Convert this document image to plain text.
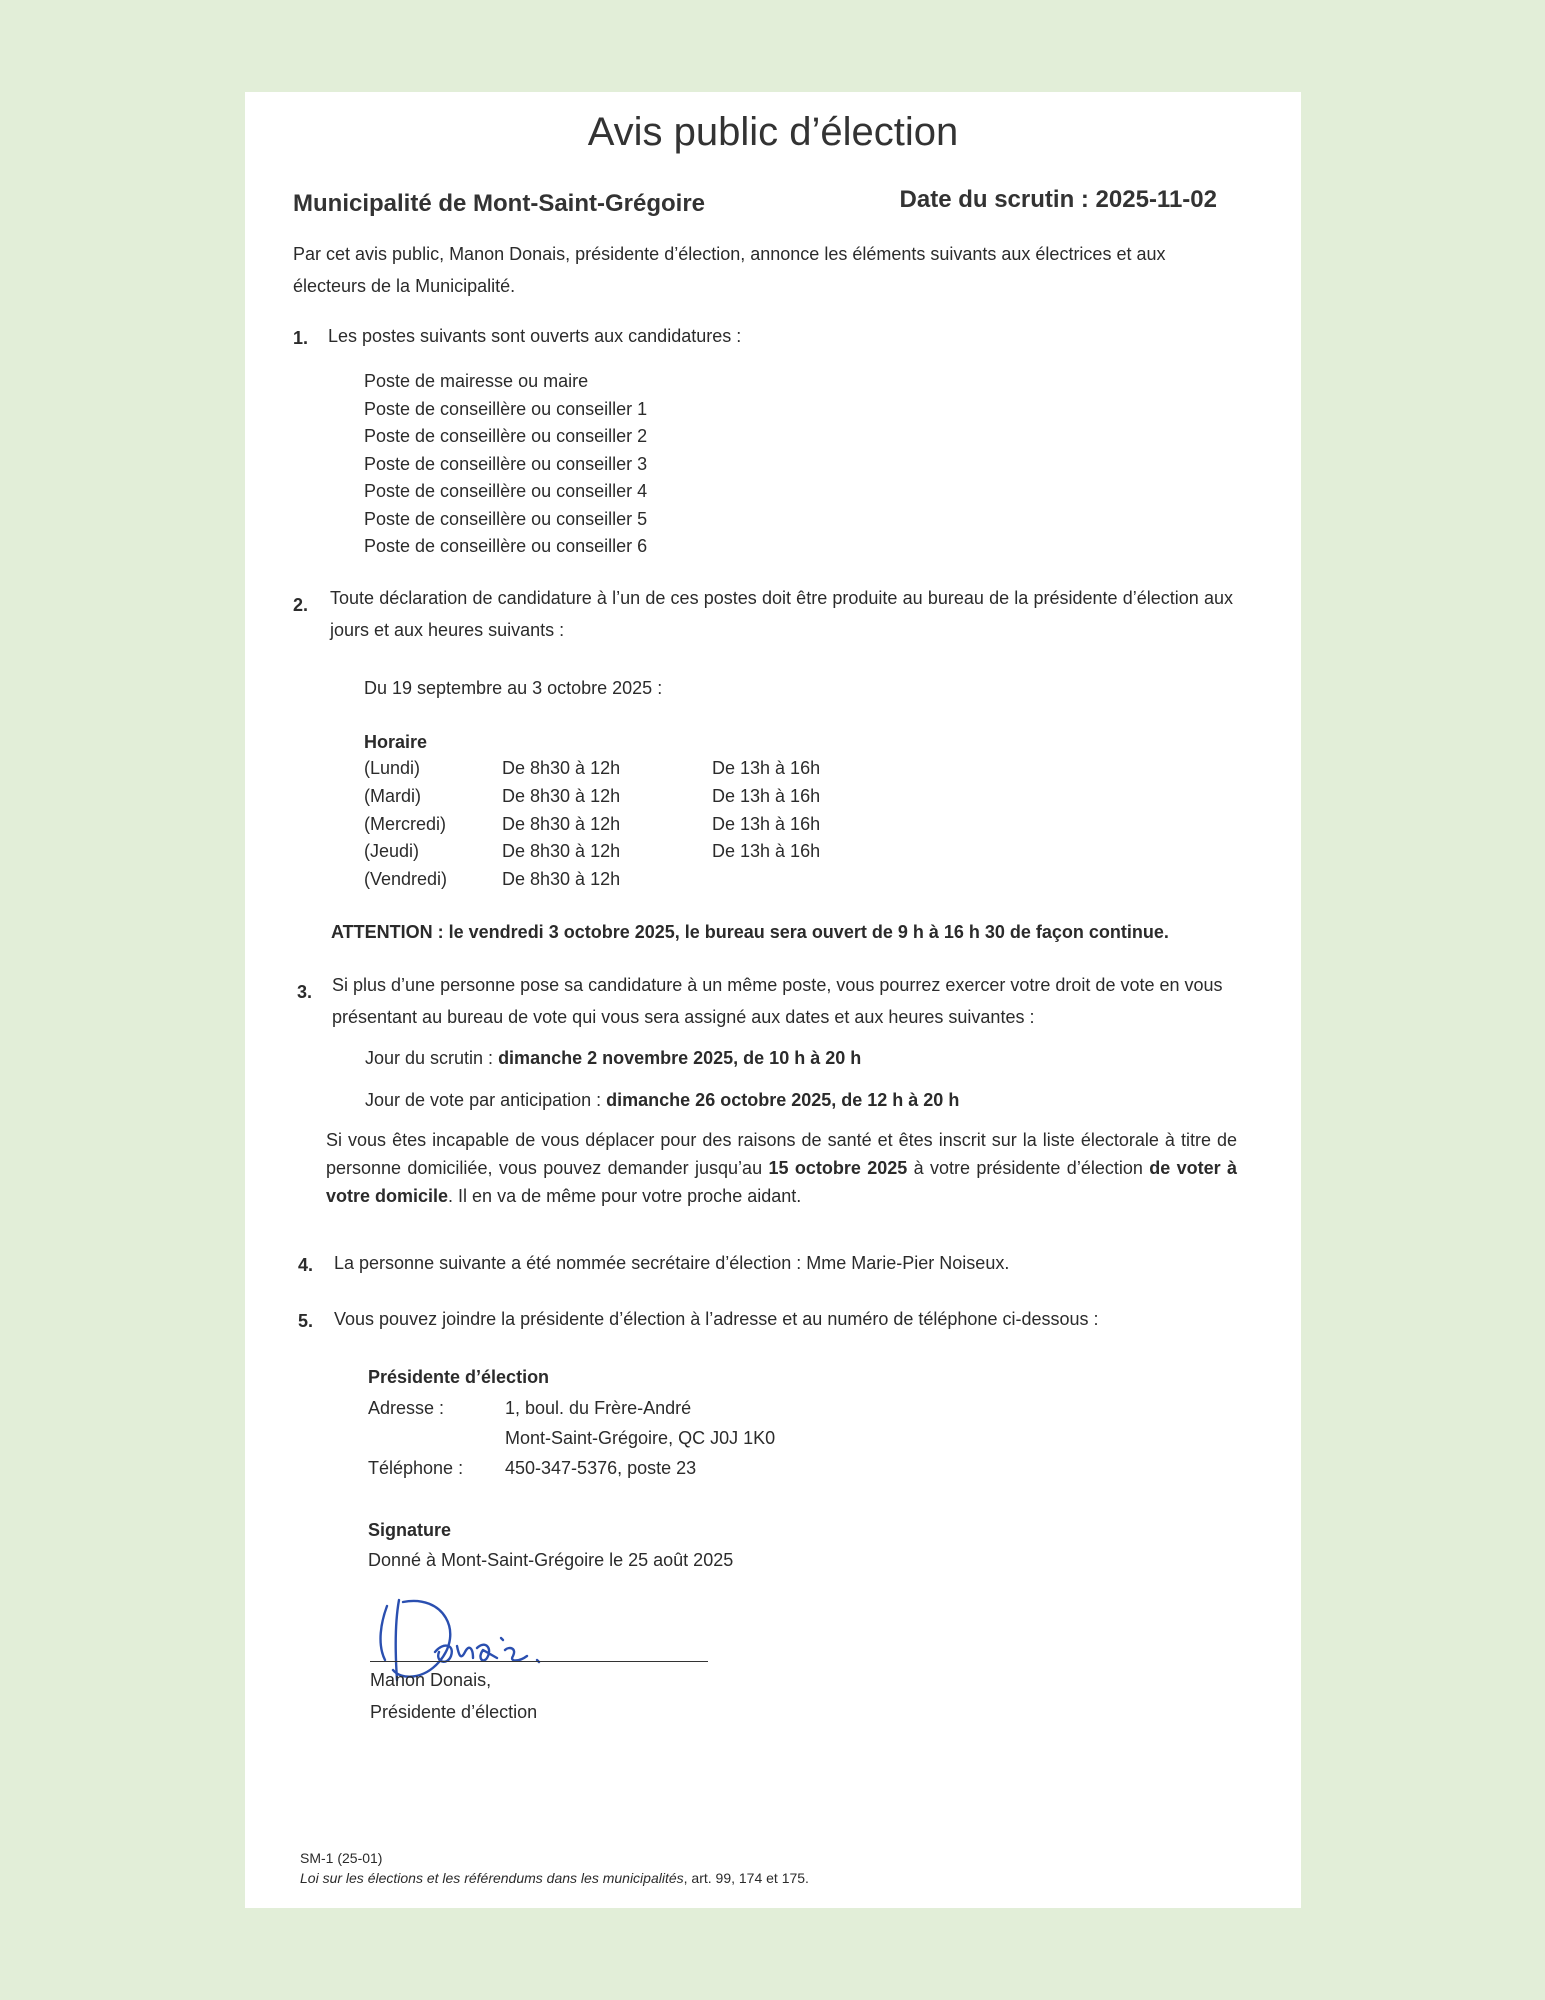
Avis public d’élection
Municipalité de Mont-Saint-Grégoire	Date du scrutin : 2025-11-02
Par cet avis public, Manon Donais, présidente d’élection, annonce les éléments suivants aux électrices et aux électeurs de la Municipalité.
1. Les postes suivants sont ouverts aux candidatures :
Poste de mairesse ou maire
Poste de conseillère ou conseiller 1
Poste de conseillère ou conseiller 2
Poste de conseillère ou conseiller 3
Poste de conseillère ou conseiller 4
Poste de conseillère ou conseiller 5
Poste de conseillère ou conseiller 6
2. Toute déclaration de candidature à l’un de ces postes doit être produite au bureau de la présidente d’élection aux jours et aux heures suivants :
Du 19 septembre au 3 octobre 2025 :
Horaire
(Lundi)	De 8h30 à 12h	De 13h à 16h
(Mardi)	De 8h30 à 12h	De 13h à 16h
(Mercredi)	De 8h30 à 12h	De 13h à 16h
(Jeudi)	De 8h30 à 12h	De 13h à 16h
(Vendredi)	De 8h30 à 12h	
ATTENTION : le vendredi 3 octobre 2025, le bureau sera ouvert de 9 h à 16 h 30 de façon continue.
3. Si plus d’une personne pose sa candidature à un même poste, vous pourrez exercer votre droit de vote en vous présentant au bureau de vote qui vous sera assigné aux dates et aux heures suivantes :
Jour du scrutin : dimanche 2 novembre 2025, de 10 h à 20 h
Jour de vote par anticipation : dimanche 26 octobre 2025, de 12 h à 20 h
Si vous êtes incapable de vous déplacer pour des raisons de santé et êtes inscrit sur la liste électorale à titre de personne domiciliée, vous pouvez demander jusqu’au 15 octobre 2025 à votre présidente d’élection de voter à votre domicile. Il en va de même pour votre proche aidant.
4. La personne suivante a été nommée secrétaire d’élection : Mme Marie-Pier Noiseux.
5. Vous pouvez joindre la présidente d’élection à l’adresse et au numéro de téléphone ci-dessous :
Présidente d’élection
Adresse :	1, boul. du Frère-André
Mont-Saint-Grégoire, QC J0J 1K0
Téléphone : 450-347-5376, poste 23
Signature
Donné à Mont-Saint-Grégoire le 25 août 2025
Manon Donais,
Présidente d’élection
SM-1 (25-01)
Loi sur les élections et les référendums dans les municipalités, art. 99, 174 et 175.
